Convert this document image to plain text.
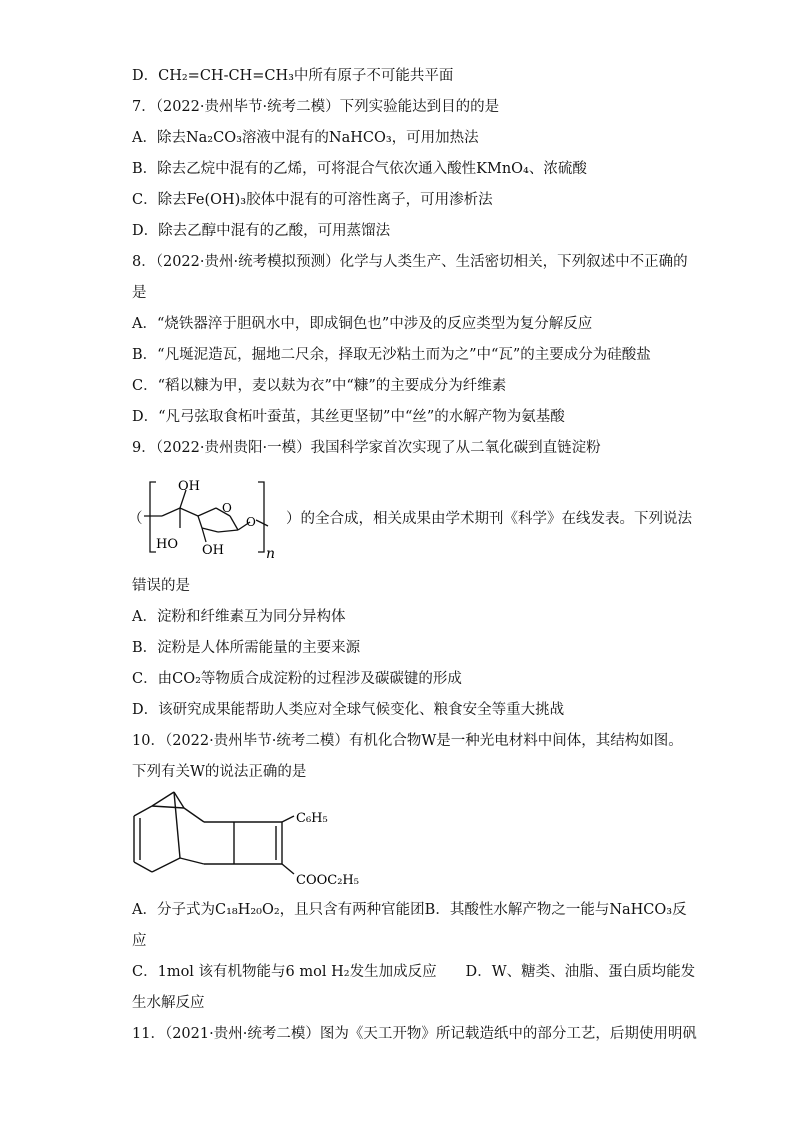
D．CH₂=CH-CH=CH₃中所有原子不可能共平面
7．（2022·贵州毕节·统考二模）下列实验能达到目的的是
A．除去Na₂CO₃溶液中混有的NaHCO₃，可用加热法
B．除去乙烷中混有的乙烯，可将混合气依次通入酸性KMnO₄、浓硫酸
C．除去Fe(OH)₃胶体中混有的可溶性离子，可用渗析法
D．除去乙醇中混有的乙酸，可用蒸馏法
8．（2022·贵州·统考模拟预测）化学与人类生产、生活密切相关，下列叙述中不正确的
是
A．“烧铁器淬于胆矾水中，即成铜色也”中涉及的反应类型为复分解反应
B．“凡埏泥造瓦，掘地二尺余，择取无沙粘土而为之”中“瓦”的主要成分为硅酸盐
C．“稻以糠为甲，麦以麸为衣”中“糠”的主要成分为纤维素
D．“凡弓弦取食柘叶蚕茧，其丝更坚韧”中“丝”的水解产物为氨基酸
9．（2022·贵州贵阳·一模）我国科学家首次实现了从二氧化碳到直链淀粉
（
OH
O
O
HO OH	n
）的全合成，相关成果由学术期刊《科学》在线发表。下列说法
错误的是
A．淀粉和纤维素互为同分异构体
B．淀粉是人体所需能量的主要来源
C．由CO₂等物质合成淀粉的过程涉及碳碳键的形成
D．该研究成果能帮助人类应对全球气候变化、粮食安全等重大挑战
10．（2022·贵州毕节·统考二模）有机化合物W是一种光电材料中间体，其结构如图。
下列有关W的说法正确的是
C₆H₅
COOC₂H₅
A．分子式为C₁₈H₂₀O₂，且只含有两种官能团B．其酸性水解产物之一能与NaHCO₃反
应
C．1mol 该有机物能与6 mol H₂发生加成反应　　D．W、糖类、油脂、蛋白质均能发
生水解反应
11．（2021·贵州·统考二模）图为《天工开物》所记载造纸中的部分工艺，后期使用明矾
